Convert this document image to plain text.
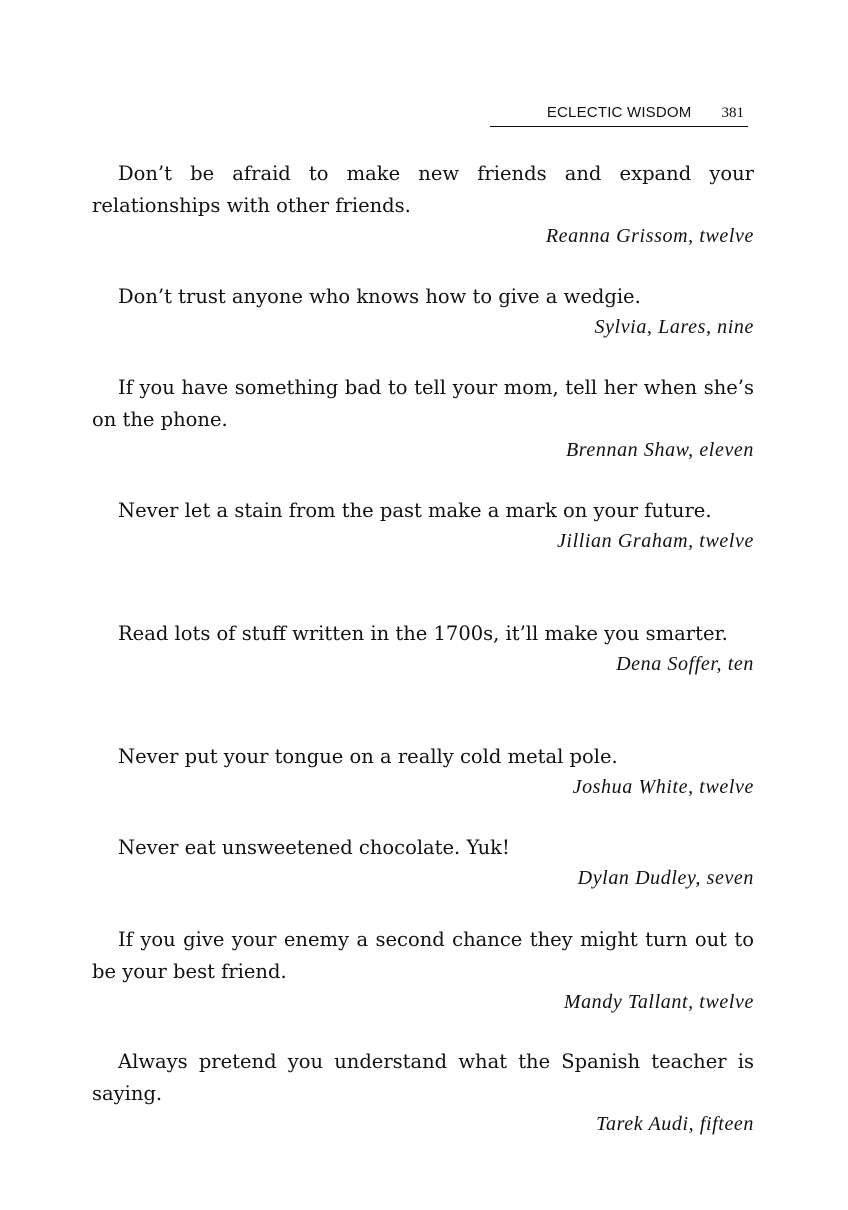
ECLECTIC WISDOM 381

Don’t be afraid to make new friends and expand your relationships with other friends.

Reanna Grissom, twelve

Don’t trust anyone who knows how to give a wedgie.

Sylvia, Lares, nine

If you have something bad to tell your mom, tell her when she’s on the phone.

Brennan Shaw, eleven

Never let a stain from the past make a mark on your future.

Jillian Graham, twelve

Read lots of stuff written in the 1700s, it’ll make you smarter.

Dena Soffer, ten

Never put your tongue on a really cold metal pole.

Joshua White, twelve

Never eat unsweetened chocolate. Yuk!

Dylan Dudley, seven

If you give your enemy a second chance they might turn out to be your best friend.

Mandy Tallant, twelve

Always pretend you understand what the Spanish teacher is saying.

Tarek Audi, fifteen
